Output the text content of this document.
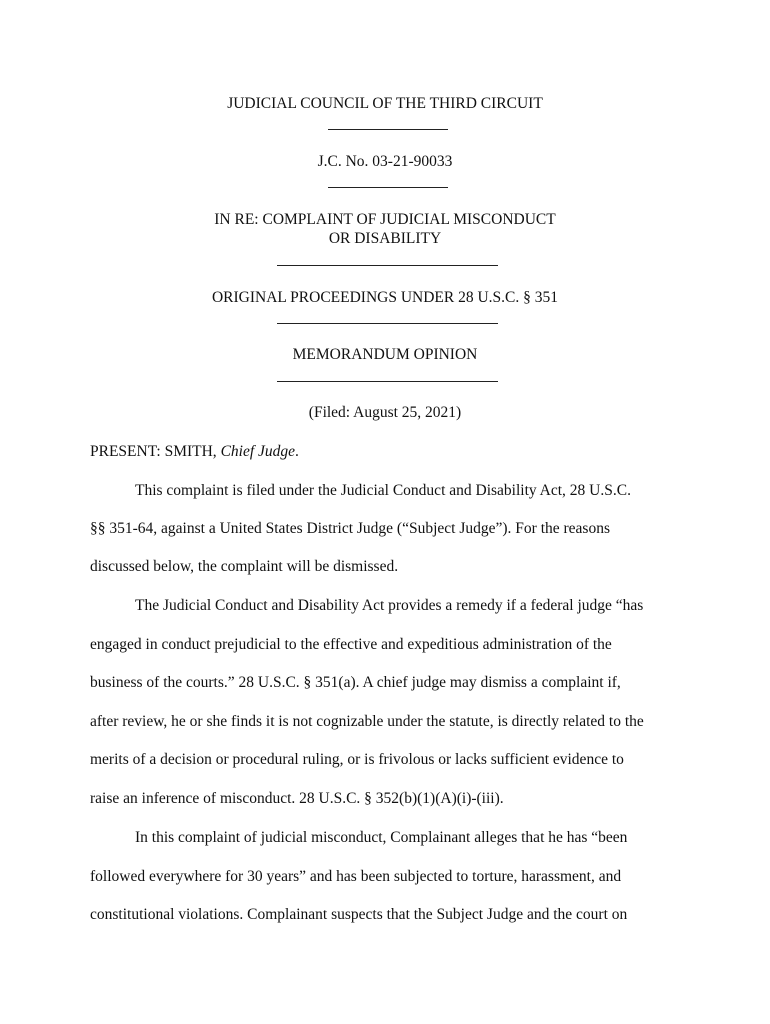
JUDICIAL COUNCIL OF THE THIRD CIRCUIT
J.C. No. 03-21-90033
IN RE: COMPLAINT OF JUDICIAL MISCONDUCT
OR DISABILITY
ORIGINAL PROCEEDINGS UNDER 28 U.S.C. § 351
MEMORANDUM OPINION
(Filed: August 25, 2021)
PRESENT: SMITH, Chief Judge.
This complaint is filed under the Judicial Conduct and Disability Act, 28 U.S.C.
§§ 351-64, against a United States District Judge (“Subject Judge”). For the reasons
discussed below, the complaint will be dismissed.
The Judicial Conduct and Disability Act provides a remedy if a federal judge “has
engaged in conduct prejudicial to the effective and expeditious administration of the
business of the courts.” 28 U.S.C. § 351(a). A chief judge may dismiss a complaint if,
after review, he or she finds it is not cognizable under the statute, is directly related to the
merits of a decision or procedural ruling, or is frivolous or lacks sufficient evidence to
raise an inference of misconduct. 28 U.S.C. § 352(b)(1)(A)(i)-(iii).
In this complaint of judicial misconduct, Complainant alleges that he has “been
followed everywhere for 30 years” and has been subjected to torture, harassment, and
constitutional violations. Complainant suspects that the Subject Judge and the court on
